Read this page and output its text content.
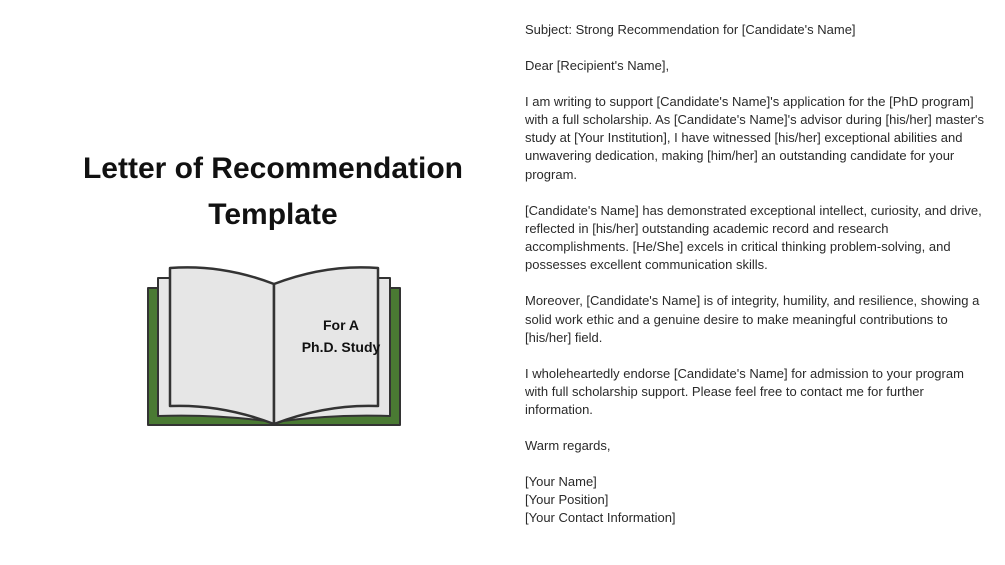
Letter of Recommendation
Template
For A
Ph.D. Study

Subject: Strong Recommendation for [Candidate's Name]

Dear [Recipient's Name],

I am writing to support [Candidate's Name]'s application for the [PhD program] with a full scholarship. As [Candidate's Name]'s advisor during [his/her] master's study at [Your Institution], I have witnessed [his/her] exceptional abilities and unwavering dedication, making [him/her] an outstanding candidate for your program.

[Candidate's Name] has demonstrated exceptional intellect, curiosity, and drive, reflected in [his/her] outstanding academic record and research accomplishments. [He/She] excels in critical thinking problem-solving, and possesses excellent communication skills.

Moreover, [Candidate's Name] is of integrity, humility, and resilience, showing a solid work ethic and a genuine desire to make meaningful contributions to [his/her] field.

I wholeheartedly endorse [Candidate's Name] for admission to your program with full scholarship support. Please feel free to contact me for further information.

Warm regards,

[Your Name]
[Your Position]
[Your Contact Information]
